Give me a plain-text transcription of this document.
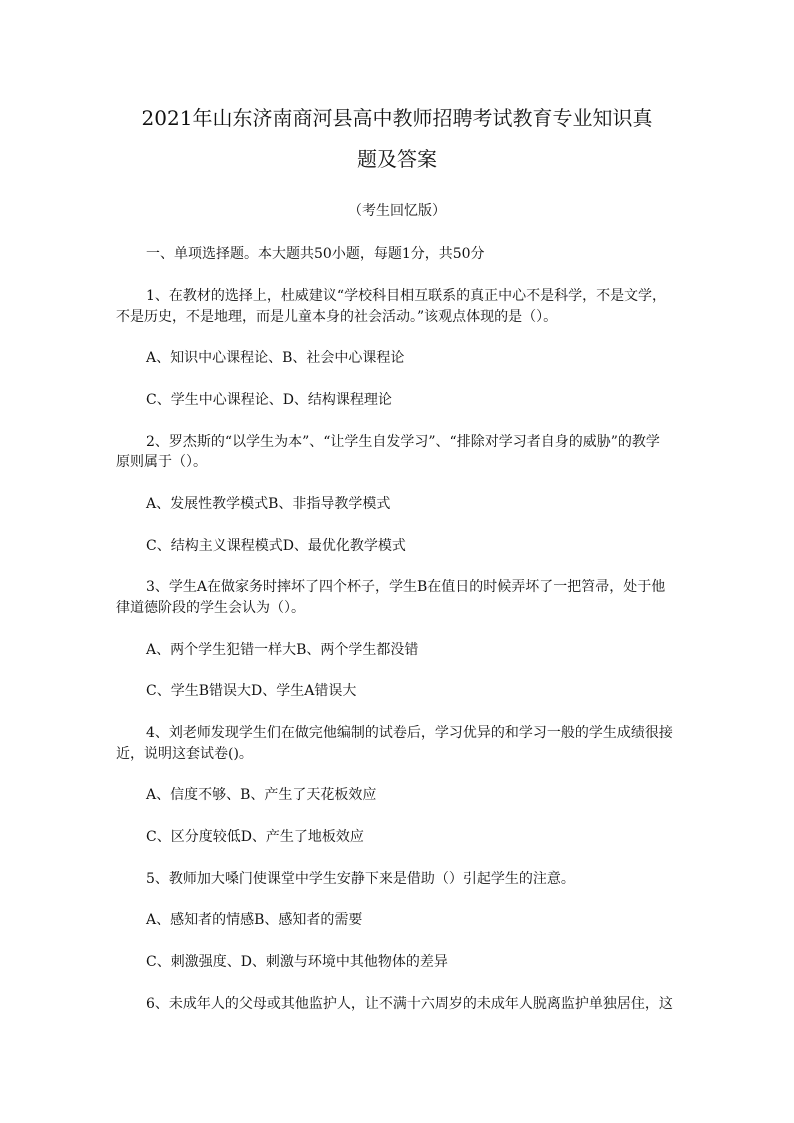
2021年山东济南商河县高中教师招聘考试教育专业知识真
题及答案
（考生回忆版）
一、单项选择题。本大题共50小题，每题1分，共50分
1、在教材的选择上，杜威建议“学校科目相互联系的真正中心不是科学，不是文学，
不是历史，不是地理，而是儿童本身的社会活动。”该观点体现的是（）。
A、知识中心课程论、B、社会中心课程论
C、学生中心课程论、D、结构课程理论
2、罗杰斯的“以学生为本”、“让学生自发学习”、“排除对学习者自身的威胁”的教学
原则属于（）。
A、发展性教学模式B、非指导教学模式
C、结构主义课程模式D、最优化教学模式
3、学生A在做家务时摔坏了四个杯子，学生B在值日的时候弄坏了一把笤帚，处于他
律道德阶段的学生会认为（）。
A、两个学生犯错一样大B、两个学生都没错
C、学生B错误大D、学生A错误大
4、刘老师发现学生们在做完他编制的试卷后，学习优异的和学习一般的学生成绩很接
近，说明这套试卷()。
A、信度不够、B、产生了天花板效应
C、区分度较低D、产生了地板效应
5、教师加大嗓门使课堂中学生安静下来是借助（）引起学生的注意。
A、感知者的情感B、感知者的需要
C、刺激强度、D、刺激与环境中其他物体的差异
6、未成年人的父母或其他监护人，让不满十六周岁的未成年人脱离监护单独居住，这
